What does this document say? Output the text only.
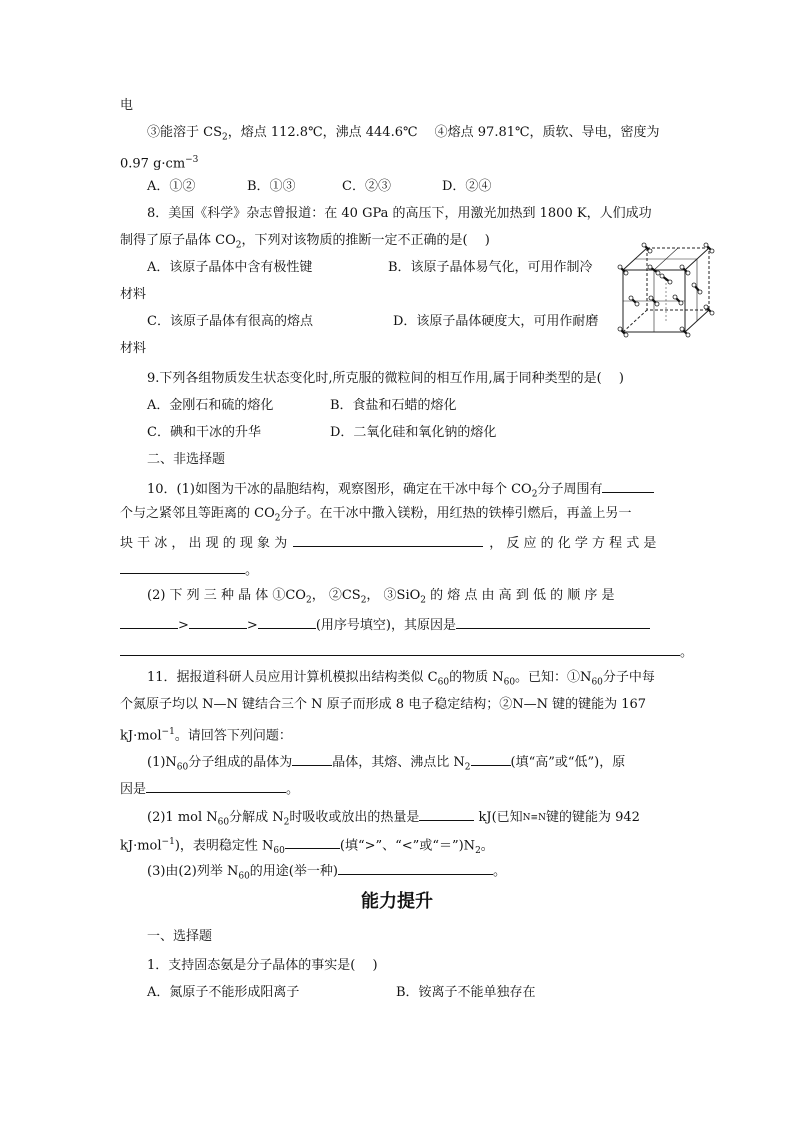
电
③能溶于 $CS_2$，熔点 112.8℃，沸点 444.6℃　 ④熔点 97.81℃，质软、导电，密度为
0.97 $g\cdot cm^{-3}$
A．①②	B．①③	C．②③	D．②④
8．美国《科学》杂志曾报道：在 40 GPa 的高压下，用激光加热到 1800 K，人们成功
制得了原子晶体 $CO_2$，下列对该物质的推断一定不正确的是(　 )
A．该原子晶体中含有极性键	B．该原子晶体易气化，可用作制冷
材料
C．该原子晶体有很高的熔点	D．该原子晶体硬度大，可用作耐磨
材料
9.下列各组物质发生状态变化时,所克服的微粒间的相互作用,属于同种类型的是(　 )
A．金刚石和硫的熔化	B．食盐和石蜡的熔化
C．碘和干冰的升华	D．二氧化硅和氧化钠的熔化
二、非选择题
10．(1)如图为干冰的晶胞结构，观察图形，确定在干冰中每个 $CO_2$分子周围有
个与之紧邻且等距离的 $CO_2$分子。在干冰中撒入镁粉，用红热的铁棒引燃后，再盖上另一
块 干 冰 ， 出 现 的 现 象 为	， 反 应 的 化 学 方 程 式 是
。
(2) 下 列 三 种 晶 体 $①CO_2$， $②CS_2$， ③SiO$_2$ 的 熔 点 由 高 到 低 的 顺 序 是
>	>	(用序号填空)，其原因是
。
11．据报道科研人员应用计算机模拟出结构类似 $C_{60}$的物质 $N_{60}$。已知：$①N_{60}$分子中每
个氮原子均以 N—N 键结合三个 N 原子而形成 8 电子稳定结构；②N—N 键的键能为 167
kJ·mol$^{-1}$。请回答下列问题：
$(1)N_{60}$分子组成的晶体为	晶体，其熔、沸点比 $N_2$	(填“高”或“低”)，原
因是	。
(2)1 mol $N_{60}$分解成 $N_2$时吸收或放出的热量是	kJ(已知N≡N键的键能为 942
kJ·mol$^{-1}$)，表明稳定性 $N_{60}$	(填“>”、“<”或“$=”)N_2$。
(3)由(2)列举 $N_{60}$的用途(举一种)	。
能力提升
一、选择题
1．支持固态氨是分子晶体的事实是(　 )
A．氮原子不能形成阳离子	B．铵离子不能单独存在
